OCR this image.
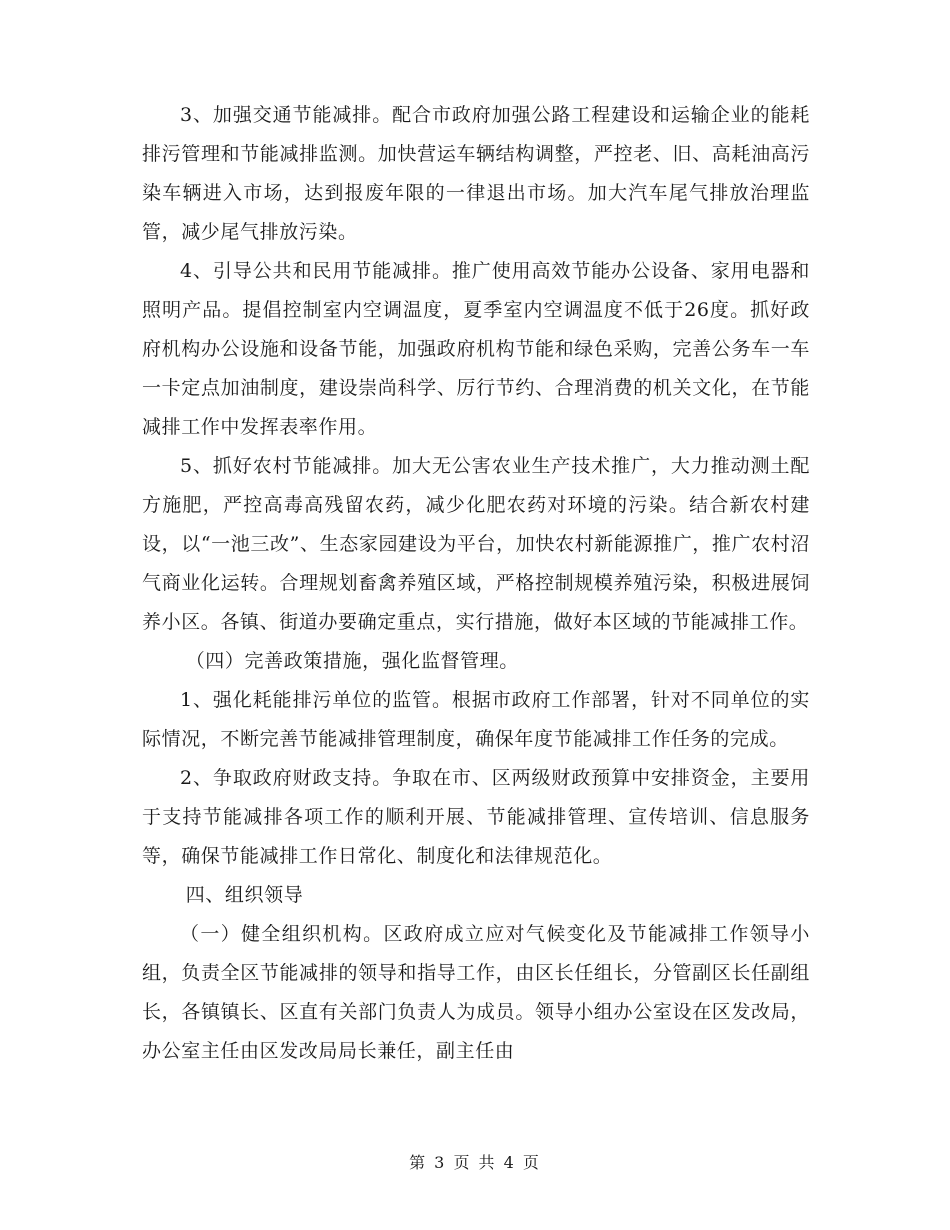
3、加强交通节能减排。配合市政府加强公路工程建设和运输企业的能耗排污管理和节能减排监测。加快营运车辆结构调整，严控老、旧、高耗油高污染车辆进入市场，达到报废年限的一律退出市场。加大汽车尾气排放治理监管，减少尾气排放污染。

4、引导公共和民用节能减排。推广使用高效节能办公设备、家用电器和照明产品。提倡控制室内空调温度，夏季室内空调温度不低于26度。抓好政府机构办公设施和设备节能，加强政府机构节能和绿色采购，完善公务车一车一卡定点加油制度，建设崇尚科学、厉行节约、合理消费的机关文化，在节能减排工作中发挥表率作用。

5、抓好农村节能减排。加大无公害农业生产技术推广，大力推动测土配方施肥，严控高毒高残留农药，减少化肥农药对环境的污染。结合新农村建设，以“一池三改”、生态家园建设为平台，加快农村新能源推广，推广农村沼气商业化运转。合理规划畜禽养殖区域，严格控制规模养殖污染，积极进展饲养小区。各镇、街道办要确定重点，实行措施，做好本区域的节能减排工作。

（四）完善政策措施，强化监督管理。

1、强化耗能排污单位的监管。根据市政府工作部署，针对不同单位的实际情况，不断完善节能减排管理制度，确保年度节能减排工作任务的完成。

2、争取政府财政支持。争取在市、区两级财政预算中安排资金，主要用于支持节能减排各项工作的顺利开展、节能减排管理、宣传培训、信息服务等，确保节能减排工作日常化、制度化和法律规范化。

四、组织领导

（一）健全组织机构。区政府成立应对气候变化及节能减排工作领导小组，负责全区节能减排的领导和指导工作，由区长任组长，分管副区长任副组长，各镇镇长、区直有关部门负责人为成员。领导小组办公室设在区发改局，办公室主任由区发改局局长兼任，副主任由

第 3 页 共 4 页
